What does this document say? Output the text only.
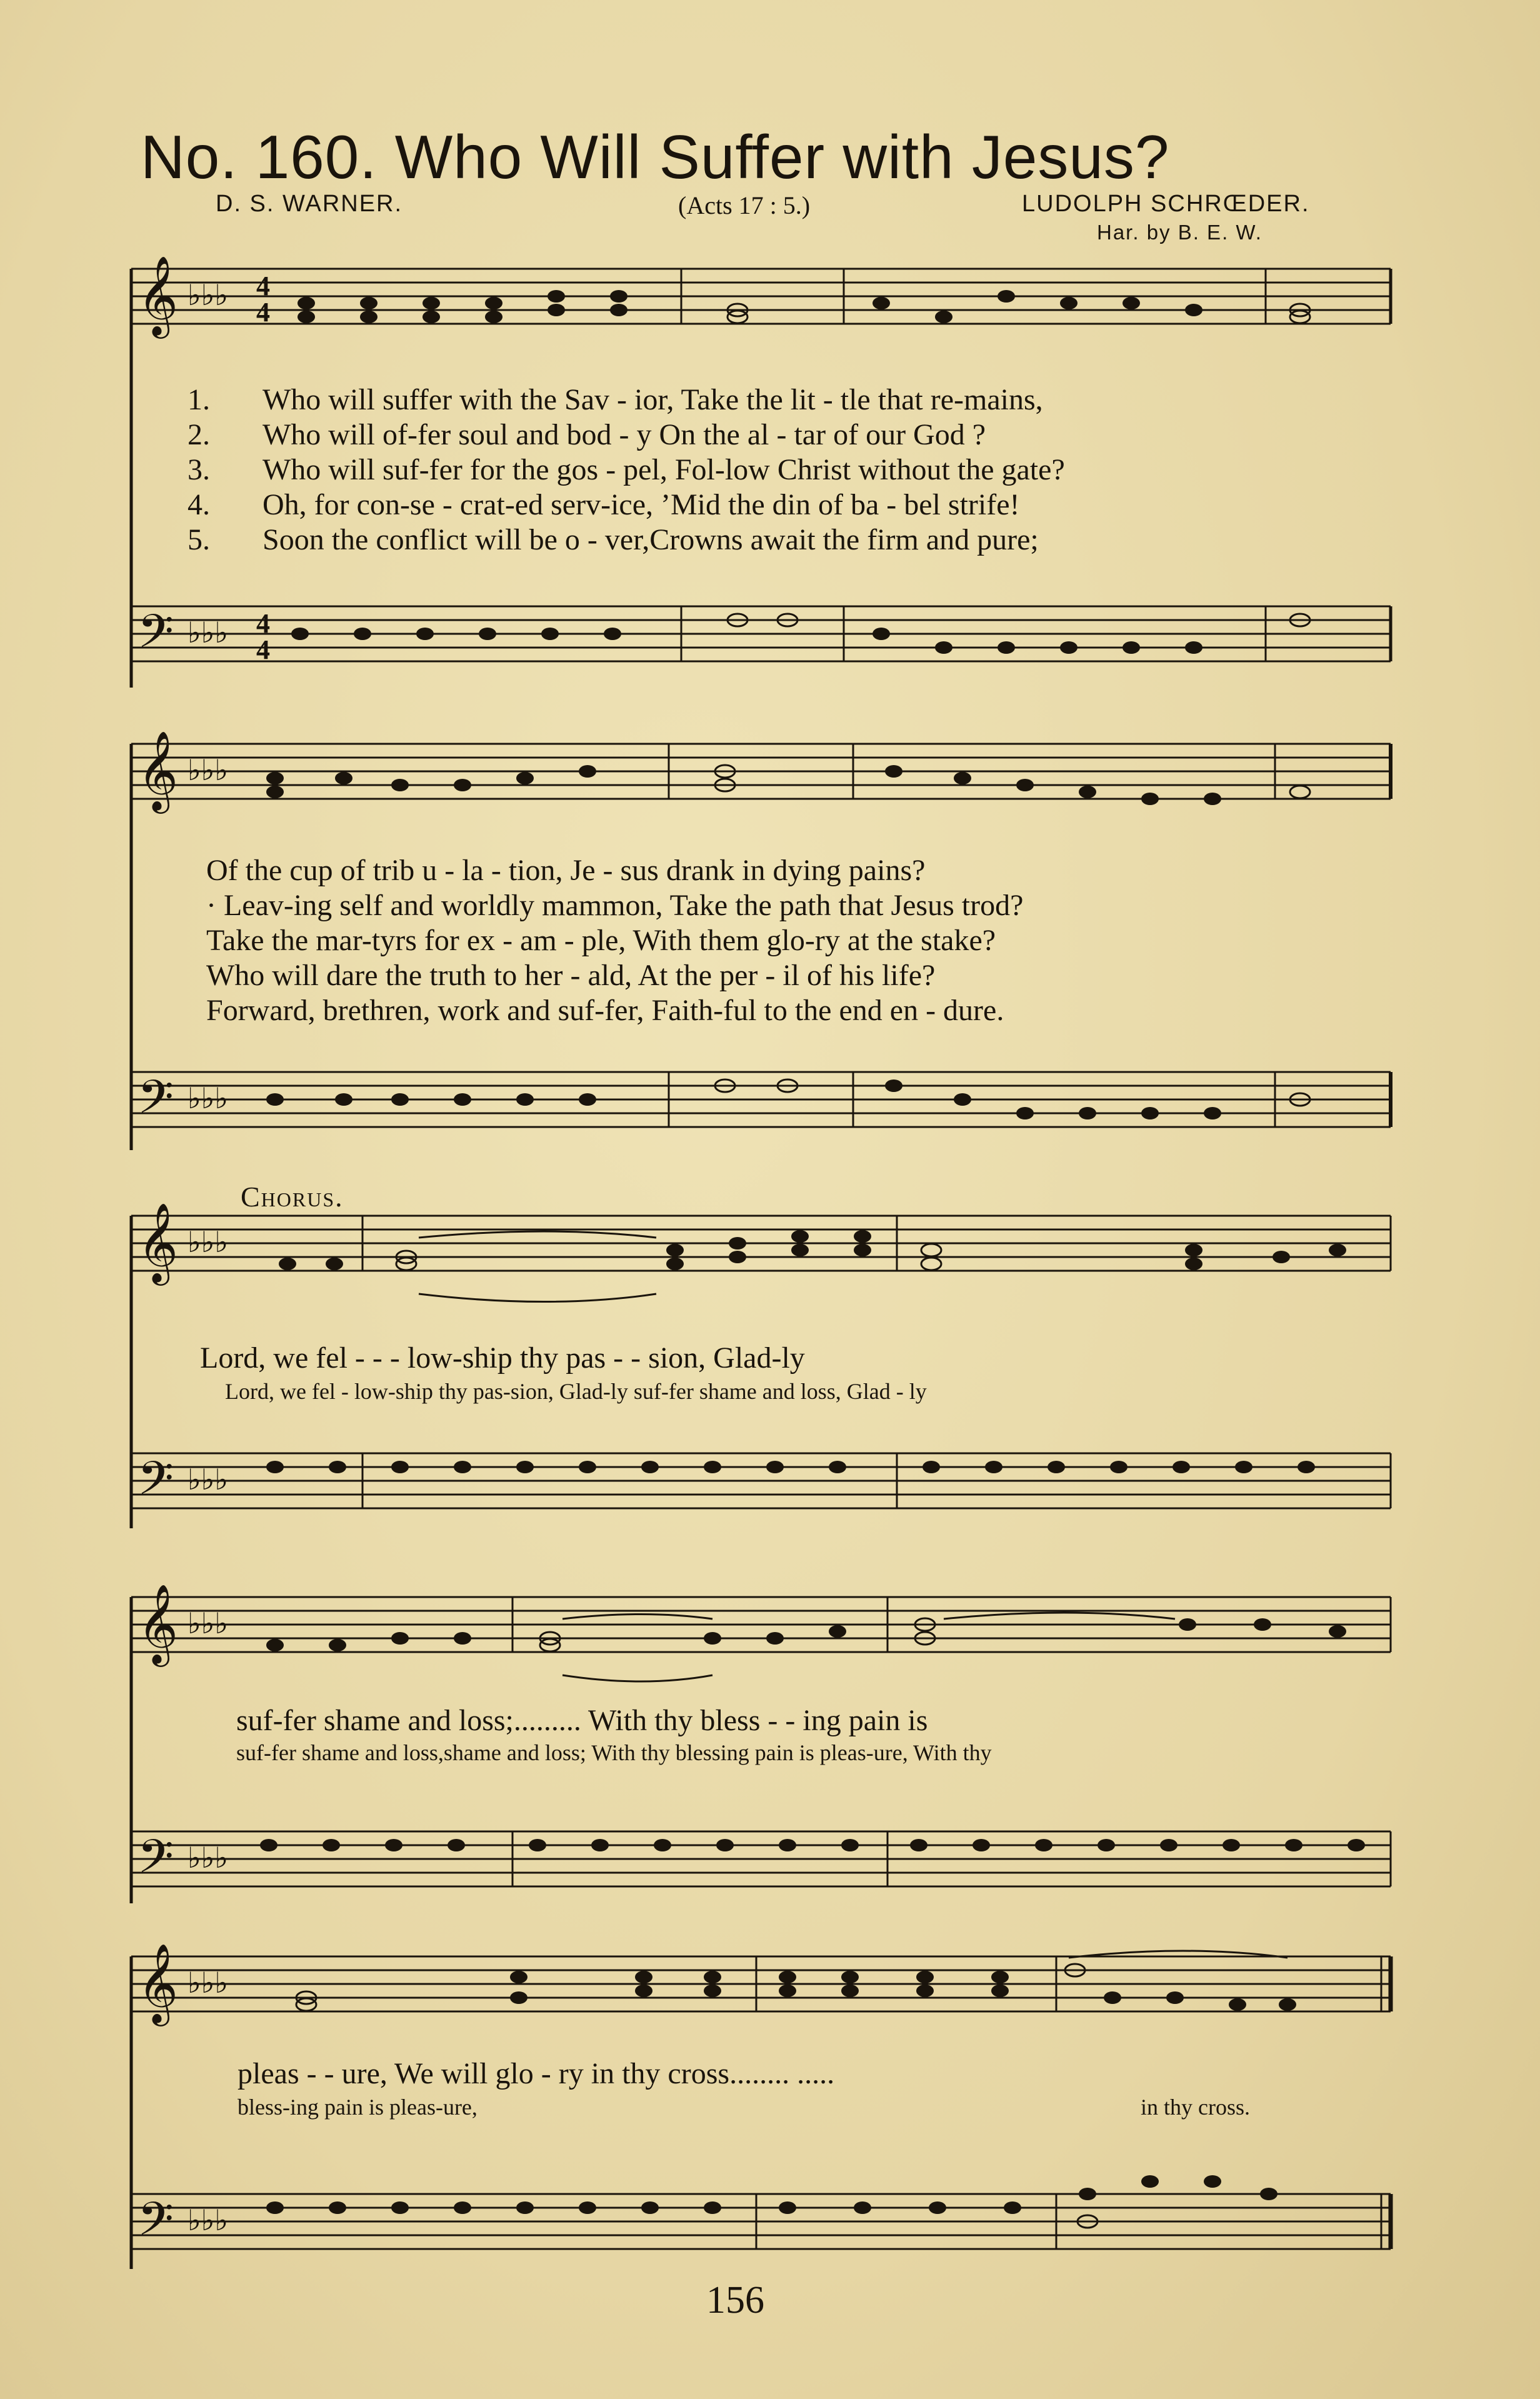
No. 160. Who Will Suffer with Jesus?
D. S. WARNER.	(Acts 17 : 5.)	LUDOLPH SCHRŒDER.
Har. by B. E. W.
𝄞
𝄢
♭♭♭
♭♭♭
4
4
4
4
1.	Who will suffer with the Sav - ior, Take the lit - tle that re-mains,
2.	Who will of-fer soul and bod - y On the al - tar of our God ?
3.	Who will suf-fer for the gos - pel, Fol-low Christ without the gate?
4.	Oh, for con-se - crat-ed serv-ice, ’Mid the din of ba - bel strife!
5.	Soon the conflict will be o - ver,Crowns await the firm and pure;
𝄞
𝄢
♭♭♭
♭♭♭
Of the cup of trib u - la - tion, Je - sus drank in dying pains?
· Leav-ing self and worldly mammon, Take the path that Jesus trod?
Take the mar-tyrs for ex - am - ple, With them glo-ry at the stake?
Who will dare the truth to her - ald, At the per - il of his life?
Forward, brethren, work and suf-fer, Faith-ful to the end en - dure.
Chorus.
𝄞
𝄢
♭♭♭
♭♭♭
Lord, we fel - - - low-ship thy pas - - sion, Glad-ly
Lord, we fel - low-ship thy pas-sion, Glad-ly suf-fer shame and loss, Glad - ly
𝄞
𝄢
♭♭♭
♭♭♭
suf-fer shame and loss;......... With thy bless - - ing pain is
suf-fer shame and loss,shame and loss; With thy blessing pain is pleas-ure, With thy
𝄞
𝄢
♭♭♭
♭♭♭
pleas - - ure, We will glo - ry in thy cross........ .....
bless-ing pain is pleas-ure,	in thy cross.
156
